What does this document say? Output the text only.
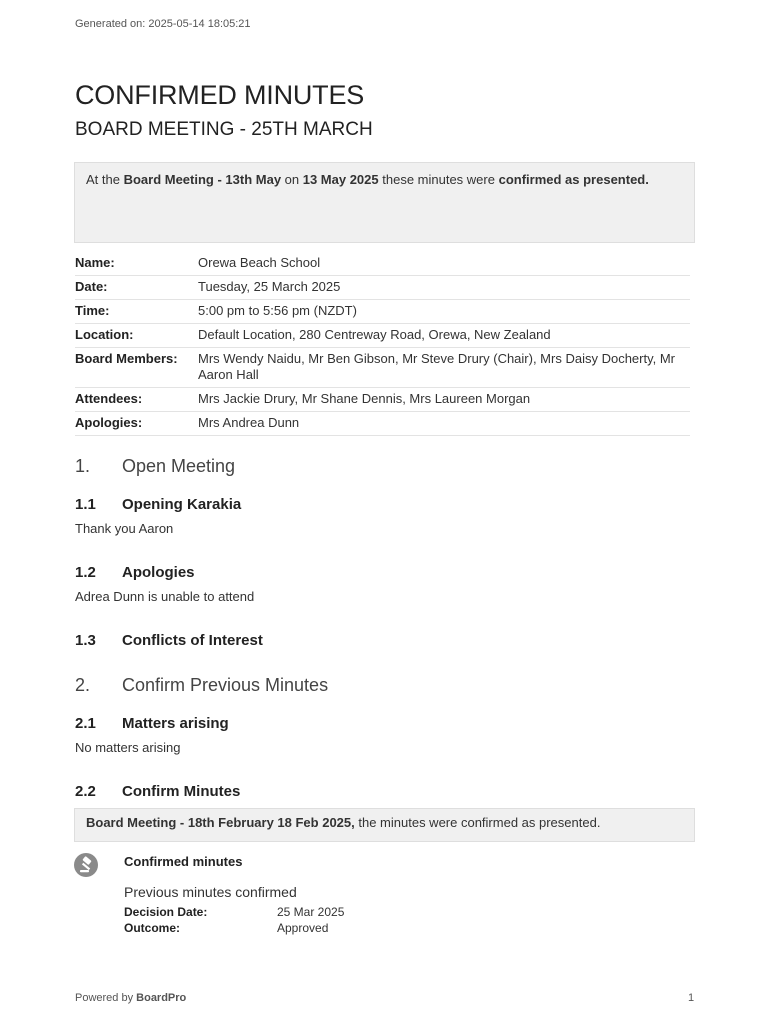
Generated on: 2025-05-14 18:05:21
CONFIRMED MINUTES
BOARD MEETING - 25TH MARCH
At the Board Meeting - 13th May on 13 May 2025 these minutes were confirmed as presented.
Name:	Orewa Beach School
Date:	Tuesday, 25 March 2025
Time:	5:00 pm to 5:56 pm (NZDT)
Location:	Default Location, 280 Centreway Road, Orewa, New Zealand
Board Members:	Mrs Wendy Naidu, Mr Ben Gibson, Mr Steve Drury (Chair), Mrs Daisy Docherty, Mr Aaron Hall
Attendees:	Mrs Jackie Drury, Mr Shane Dennis, Mrs Laureen Morgan
Apologies:	Mrs Andrea Dunn
1. Open Meeting
1.1 Opening Karakia
Thank you Aaron
1.2 Apologies
Adrea Dunn is unable to attend
1.3 Conflicts of Interest
2. Confirm Previous Minutes
2.1 Matters arising
No matters arising
2.2 Confirm Minutes
Board Meeting - 18th February 18 Feb 2025, the minutes were confirmed as presented.
Confirmed minutes
Previous minutes confirmed
Decision Date:	25 Mar 2025
Outcome:	Approved
Powered by BoardPro	1
